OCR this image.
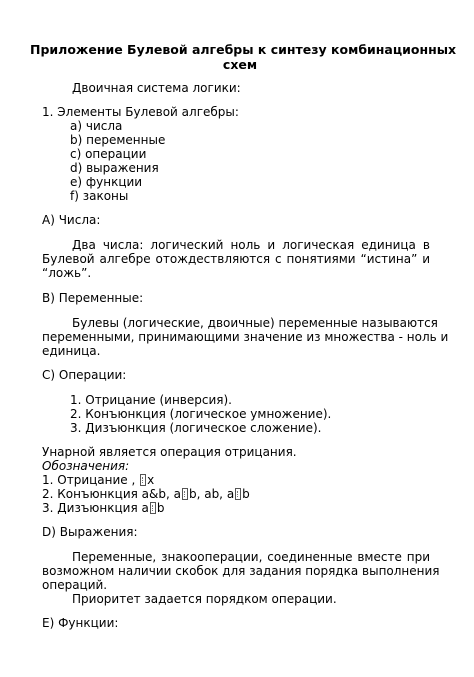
Приложение Булевой алгебры к синтезу комбинационных
схем
Двоичная система логики:
1. Элементы Булевой алгебры:
a) числа
b) переменные
c) операции
d) выражения
e) функции
f) законы
А) Числа:
Два числа: логический ноль и логическая единица в
Булевой алгебре отождествляются с понятиями “истина” и
“ложь”.
В) Переменные:
Булевы (логические, двоичные) переменные называются
переменными, принимающими значение из множества - ноль и
единица.
С) Операции:
1. Отрицание (инверсия).
2. Конъюнкция (логическое умножение).
3. Дизъюнкция (логическое сложение).
Унарной является операция отрицания.
Обозначения:
1. Отрицание , x
2. Конъюнкция a&b, a b, ab, a b
3. Дизъюнкция a b
D) Выражения:
Переменные, знакооперации, соединенные вместе при
возможном наличии скобок для задания порядка выполнения
операций.
Приоритет задается порядком операции.
E) Функции:
